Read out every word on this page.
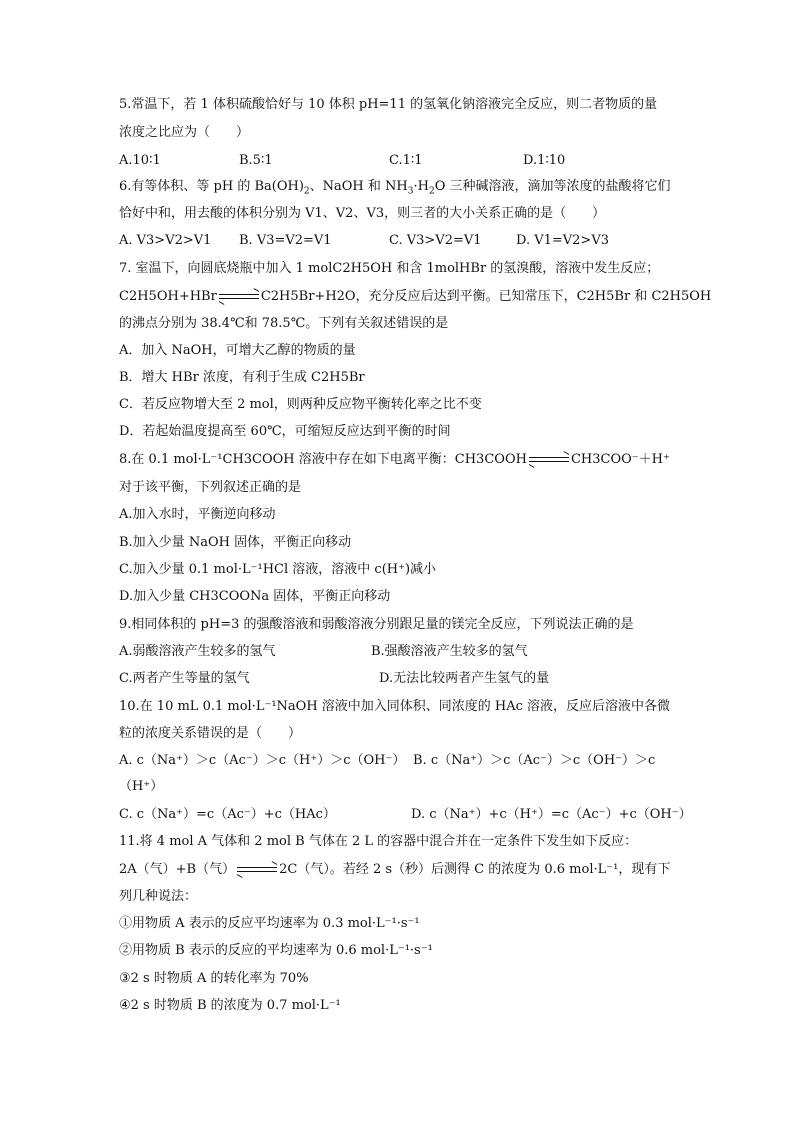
5.常温下，若 1 体积硫酸恰好与 10 体积 pH=11 的氢氧化钠溶液完全反应，则二者物质的量
浓度之比应为（　　）
A.10∶1	B.5∶1	C.1∶1	D.1∶10
6.有等体积、等 pH 的 $Ba(OH)_2$、NaOH 和 $NH_3\cdot H_2O$ 三种碱溶液，滴加等浓度的盐酸将它们
恰好中和，用去酸的体积分别为 V1、V2、V3，则三者的大小关系正确的是（　　）
A. V3>V2>V1 B. V3=V2=V1	C. V3>V2=V1	D. V1=V2>V3
7. 室温下，向圆底烧瓶中加入 1 molC2H5OH 和含 1molHBr 的氢溴酸，溶液中发生反应；
C2H5OH+HBr	C2H5Br+H2O，充分反应后达到平衡。已知常压下，C2H5Br 和 C2H5OH
的沸点分别为 38.4℃和 78.5℃。下列有关叙述错误的是
A．加入 NaOH，可增大乙醇的物质的量
B．增大 HBr 浓度，有利于生成 C2H5Br
C．若反应物增大至 2 mol，则两种反应物平衡转化率之比不变
D．若起始温度提高至 60℃，可缩短反应达到平衡的时间
8.在 0.1 mol·L⁻¹CH3COOH 溶液中存在如下电离平衡：CH3COOH	CH3COO⁻＋H⁺
对于该平衡，下列叙述正确的是
A.加入水时，平衡逆向移动
B.加入少量 NaOH 固体，平衡正向移动
C.加入少量 0.1 mol·L⁻¹HCl 溶液，溶液中 c(H⁺)减小
D.加入少量 CH3COONa 固体，平衡正向移动
9.相同体积的 pH=3 的强酸溶液和弱酸溶液分别跟足量的镁完全反应，下列说法正确的是
A.弱酸溶液产生较多的氢气	B.强酸溶液产生较多的氢气
C.两者产生等量的氢气	D.无法比较两者产生氢气的量
10.在 10 mL 0.1 mol·L⁻¹NaOH 溶液中加入同体积、同浓度的 HAc 溶液，反应后溶液中各微
粒的浓度关系错误的是（　　）
A. c（Na⁺）＞c（Ac⁻）＞c（H⁺）＞c（OH⁻） B. c（Na⁺）＞c（Ac⁻）＞c（OH⁻）＞c
（H⁺）
C. c（Na⁺）=c（Ac⁻）+c（HAc）	D. c（Na⁺）+c（H⁺）=c（Ac⁻）+c（OH⁻）
11.将 4 mol A 气体和 2 mol B 气体在 2 L 的容器中混合并在一定条件下发生如下反应：
2A（气）+B（气）	2C（气）。若经 2 s（秒）后测得 C 的浓度为 0.6 mol·L⁻¹，现有下
列几种说法：
①用物质 A 表示的反应平均速率为 0.3 mol·L⁻¹·s⁻¹
②用物质 B 表示的反应的平均速率为 0.6 mol·L⁻¹·s⁻¹
③2 s 时物质 A 的转化率为 70%
④2 s 时物质 B 的浓度为 0.7 mol·L⁻¹
